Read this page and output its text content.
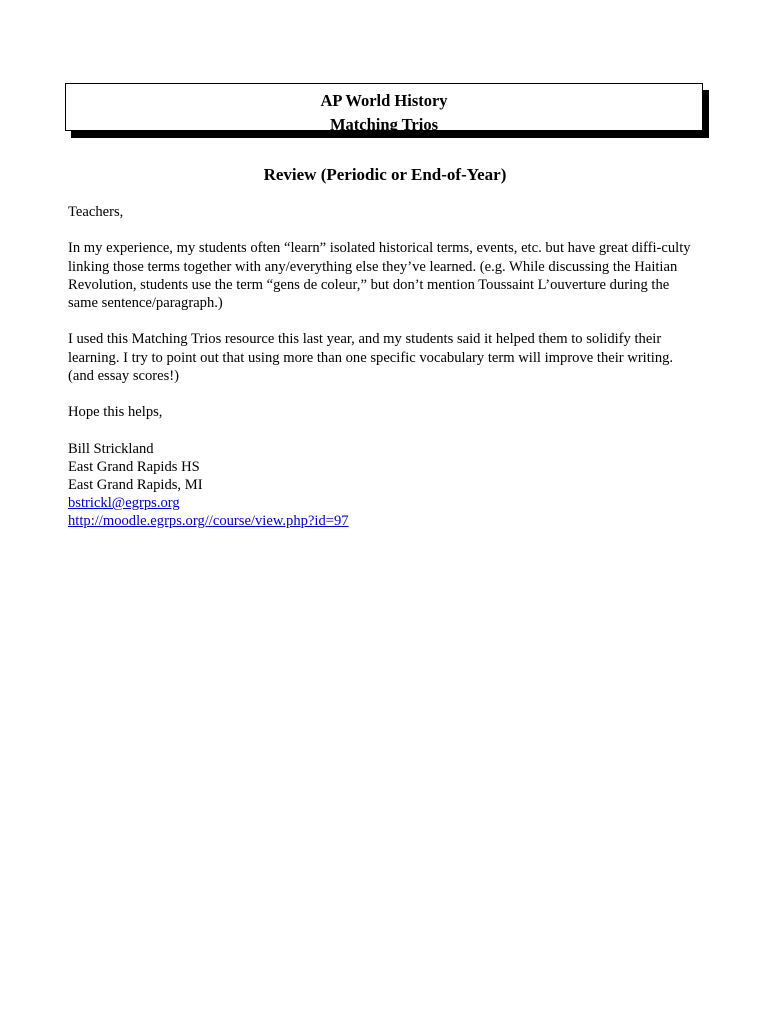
AP World History

Matching Trios

Review (Periodic or End-of-Year)

Teachers,

In my experience, my students often “learn” isolated historical terms, events, etc. but have great diffi-culty linking those terms together with any/everything else they’ve learned. (e.g. While discussing the Haitian Revolution, students use the term “gens de coleur,” but don’t mention Toussaint L’ouverture during the same sentence/paragraph.)

I used this Matching Trios resource this last year, and my students said it helped them to solidify their learning. I try to point out that using more than one specific vocabulary term will improve their writing. (and essay scores!)

Hope this helps,

Bill Strickland
East Grand Rapids HS
East Grand Rapids, MI
bstrickl@egrps.org
http://moodle.egrps.org//course/view.php?id=97
